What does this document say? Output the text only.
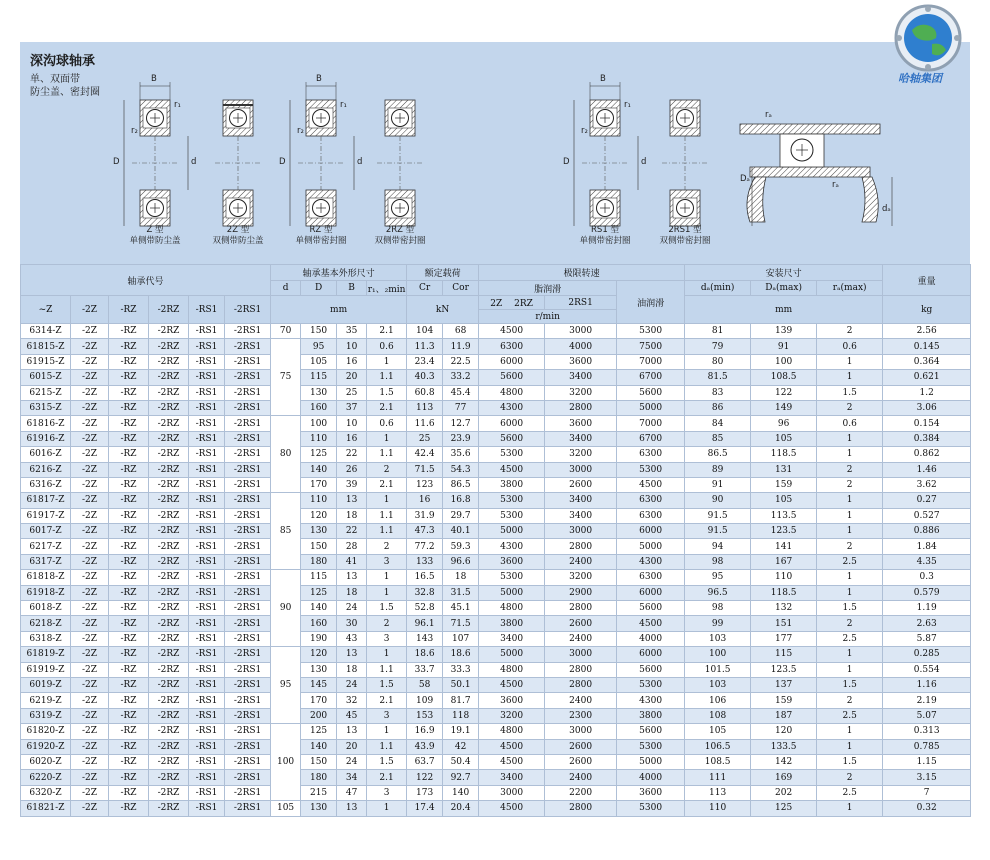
深沟球轴承
单、双面带
防尘盖、密封圈
B	B	B
D	D	D
d	d	d
r₁	r₁	r₁
r₂	r₂	r₂
Dₐ
rₐ
rₐ
dₐ
Z 型
单侧带防尘盖
2Z 型
双侧带防尘盖
RZ 型
单侧带密封圈
2RZ 型
双侧带密封圈
RS1 型
单侧带密封圈
2RS1 型
双侧带密封圈
哈轴集团
轴承代号						轴承基本外形尺寸				额定载荷		极限转速			安装尺寸			重量
						d	D	B	r₁、₂min	Cr	Cor	脂润滑		油润滑	dₐ(min)	Dₐ(max)	rₐ(max)	
~Z	-2Z	-RZ	-2RZ	-RS1	-2RS1	mm				kN		2Z　 2RZ	2RS1		mm			kg
												r/min						
6314-Z	-2Z	-RZ	-2RZ	-RS1	-2RS1	70	150	35	2.1	104	68	4500	3000	5300	81	139	2	2.56
61815-Z	-2Z	-RZ	-2RZ	-RS1	-2RS1	75	95	10	0.6	11.3	11.9	6300	4000	7500	79	91	0.6	0.145
61915-Z	-2Z	-RZ	-2RZ	-RS1	-2RS1		105	16	1	23.4	22.5	6000	3600	7000	80	100	1	0.364
6015-Z	-2Z	-RZ	-2RZ	-RS1	-2RS1		115	20	1.1	40.3	33.2	5600	3400	6700	81.5	108.5	1	0.621
6215-Z	-2Z	-RZ	-2RZ	-RS1	-2RS1		130	25	1.5	60.8	45.4	4800	3200	5600	83	122	1.5	1.2
6315-Z	-2Z	-RZ	-2RZ	-RS1	-2RS1		160	37	2.1	113	77	4300	2800	5000	86	149	2	3.06
61816-Z	-2Z	-RZ	-2RZ	-RS1	-2RS1	80	100	10	0.6	11.6	12.7	6000	3600	7000	84	96	0.6	0.154
61916-Z	-2Z	-RZ	-2RZ	-RS1	-2RS1		110	16	1	25	23.9	5600	3400	6700	85	105	1	0.384
6016-Z	-2Z	-RZ	-2RZ	-RS1	-2RS1		125	22	1.1	42.4	35.6	5300	3200	6300	86.5	118.5	1	0.862
6216-Z	-2Z	-RZ	-2RZ	-RS1	-2RS1		140	26	2	71.5	54.3	4500	3000	5300	89	131	2	1.46
6316-Z	-2Z	-RZ	-2RZ	-RS1	-2RS1		170	39	2.1	123	86.5	3800	2600	4500	91	159	2	3.62
61817-Z	-2Z	-RZ	-2RZ	-RS1	-2RS1	85	110	13	1	16	16.8	5300	3400	6300	90	105	1	0.27
61917-Z	-2Z	-RZ	-2RZ	-RS1	-2RS1		120	18	1.1	31.9	29.7	5300	3400	6300	91.5	113.5	1	0.527
6017-Z	-2Z	-RZ	-2RZ	-RS1	-2RS1		130	22	1.1	47.3	40.1	5000	3000	6000	91.5	123.5	1	0.886
6217-Z	-2Z	-RZ	-2RZ	-RS1	-2RS1		150	28	2	77.2	59.3	4300	2800	5000	94	141	2	1.84
6317-Z	-2Z	-RZ	-2RZ	-RS1	-2RS1		180	41	3	133	96.6	3600	2400	4300	98	167	2.5	4.35
61818-Z	-2Z	-RZ	-2RZ	-RS1	-2RS1	90	115	13	1	16.5	18	5300	3200	6300	95	110	1	0.3
61918-Z	-2Z	-RZ	-2RZ	-RS1	-2RS1		125	18	1	32.8	31.5	5000	2900	6000	96.5	118.5	1	0.579
6018-Z	-2Z	-RZ	-2RZ	-RS1	-2RS1		140	24	1.5	52.8	45.1	4800	2800	5600	98	132	1.5	1.19
6218-Z	-2Z	-RZ	-2RZ	-RS1	-2RS1		160	30	2	96.1	71.5	3800	2600	4500	99	151	2	2.63
6318-Z	-2Z	-RZ	-2RZ	-RS1	-2RS1		190	43	3	143	107	3400	2400	4000	103	177	2.5	5.87
61819-Z	-2Z	-RZ	-2RZ	-RS1	-2RS1	95	120	13	1	18.6	18.6	5000	3000	6000	100	115	1	0.285
61919-Z	-2Z	-RZ	-2RZ	-RS1	-2RS1		130	18	1.1	33.7	33.3	4800	2800	5600	101.5	123.5	1	0.554
6019-Z	-2Z	-RZ	-2RZ	-RS1	-2RS1		145	24	1.5	58	50.1	4500	2800	5300	103	137	1.5	1.16
6219-Z	-2Z	-RZ	-2RZ	-RS1	-2RS1		170	32	2.1	109	81.7	3600	2400	4300	106	159	2	2.19
6319-Z	-2Z	-RZ	-2RZ	-RS1	-2RS1		200	45	3	153	118	3200	2300	3800	108	187	2.5	5.07
61820-Z	-2Z	-RZ	-2RZ	-RS1	-2RS1	100	125	13	1	16.9	19.1	4800	3000	5600	105	120	1	0.313
61920-Z	-2Z	-RZ	-2RZ	-RS1	-2RS1		140	20	1.1	43.9	42	4500	2600	5300	106.5	133.5	1	0.785
6020-Z	-2Z	-RZ	-2RZ	-RS1	-2RS1		150	24	1.5	63.7	50.4	4500	2600	5000	108.5	142	1.5	1.15
6220-Z	-2Z	-RZ	-2RZ	-RS1	-2RS1		180	34	2.1	122	92.7	3400	2400	4000	111	169	2	3.15
6320-Z	-2Z	-RZ	-2RZ	-RS1	-2RS1		215	47	3	173	140	3000	2200	3600	113	202	2.5	7
61821-Z	-2Z	-RZ	-2RZ	-RS1	-2RS1	105	130	13	1	17.4	20.4	4500	2800	5300	110	125	1	0.32
